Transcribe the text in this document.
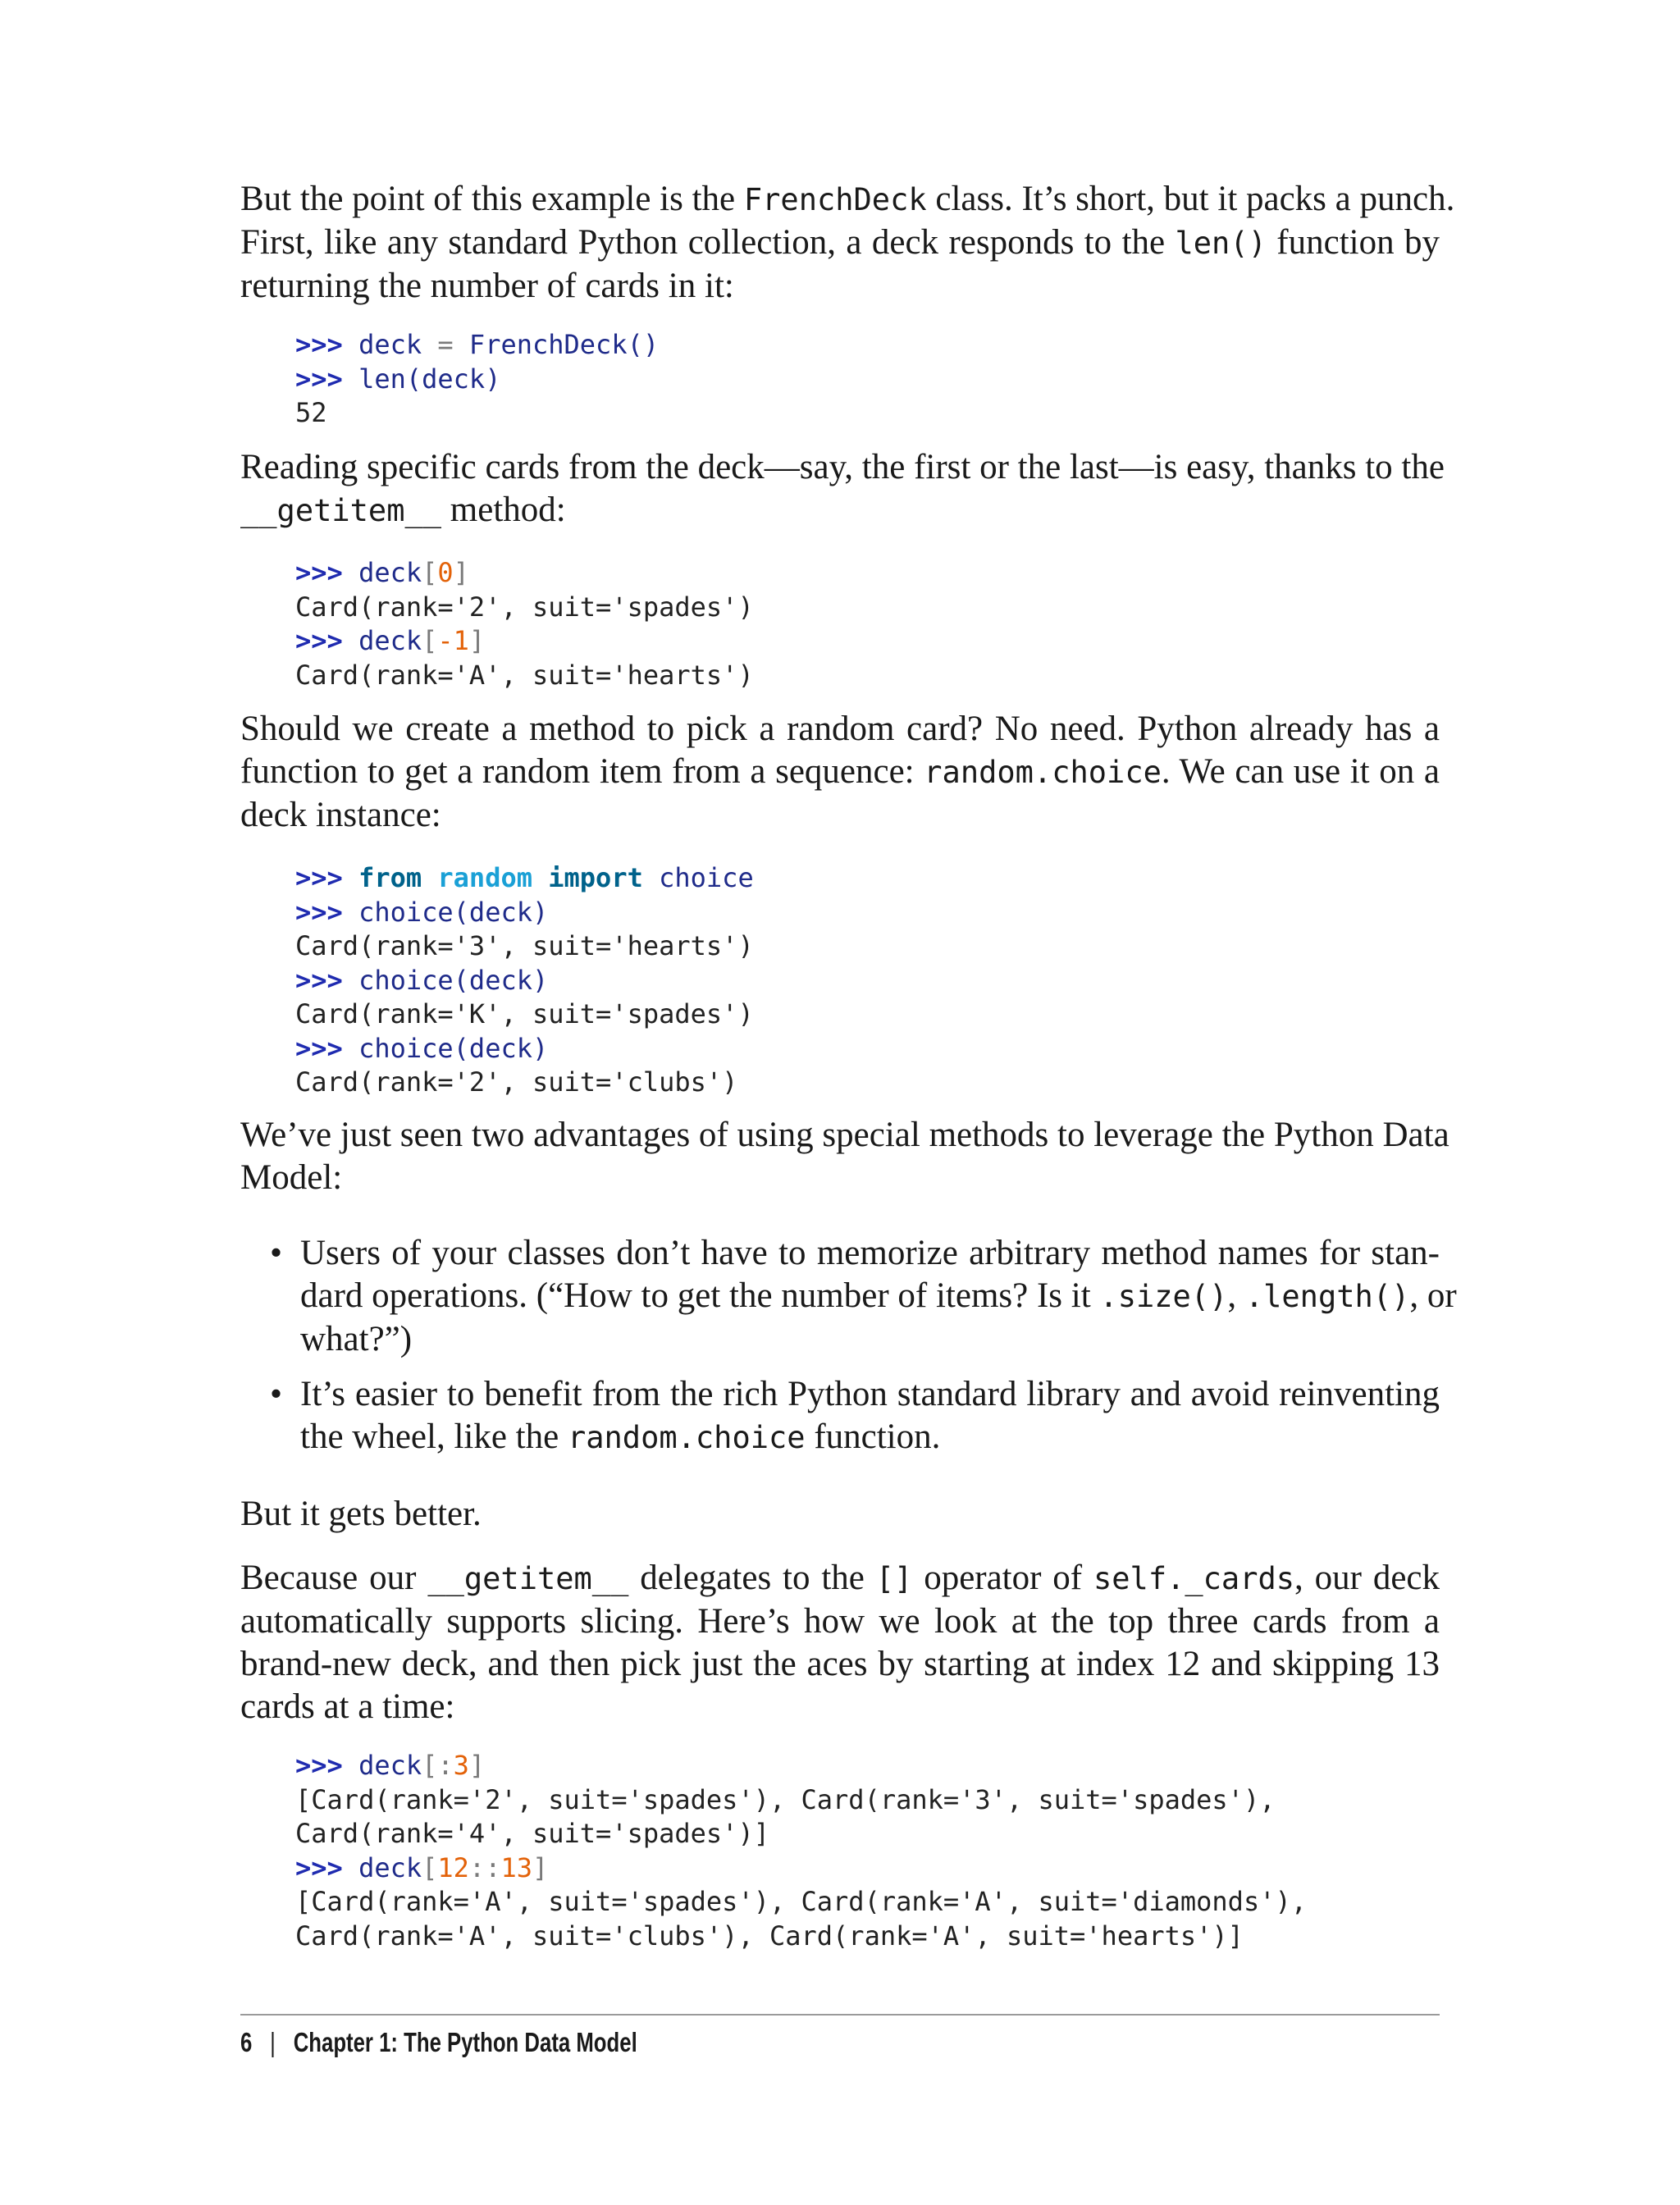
But the point of this example is the FrenchDeck class. It’s short, but it packs a punch.
First, like any standard Python collection, a deck responds to the len() function by
returning the number of cards in it:
>>> deck = FrenchDeck()
>>> len(deck)
52
Reading specific cards from the deck—say, the first or the last—is easy, thanks to the
__getitem__ method:
>>> deck[0]
Card(rank='2', suit='spades')
>>> deck[-1]
Card(rank='A', suit='hearts')
Should we create a method to pick a random card? No need. Python already has a
function to get a random item from a sequence: random.choice. We can use it on a
deck instance:
>>> from random import choice
>>> choice(deck)
Card(rank='3', suit='hearts')
>>> choice(deck)
Card(rank='K', suit='spades')
>>> choice(deck)
Card(rank='2', suit='clubs')
We’ve just seen two advantages of using special methods to leverage the Python Data
Model:
• Users of your classes don’t have to memorize arbitrary method names for stan-
dard operations. (“How to get the number of items? Is it .size(), .length(), or
what?”)
• It’s easier to benefit from the rich Python standard library and avoid reinventing
the wheel, like the random.choice function.
But it gets better.
Because our __getitem__ delegates to the [] operator of self._cards, our deck
automatically supports slicing. Here’s how we look at the top three cards from a
brand-new deck, and then pick just the aces by starting at index 12 and skipping 13
cards at a time:
>>> deck[:3]
[Card(rank='2', suit='spades'), Card(rank='3', suit='spades'),
Card(rank='4', suit='spades')]
>>> deck[12::13]
[Card(rank='A', suit='spades'), Card(rank='A', suit='diamonds'),
Card(rank='A', suit='clubs'), Card(rank='A', suit='hearts')]
6 | Chapter 1: The Python Data Model
